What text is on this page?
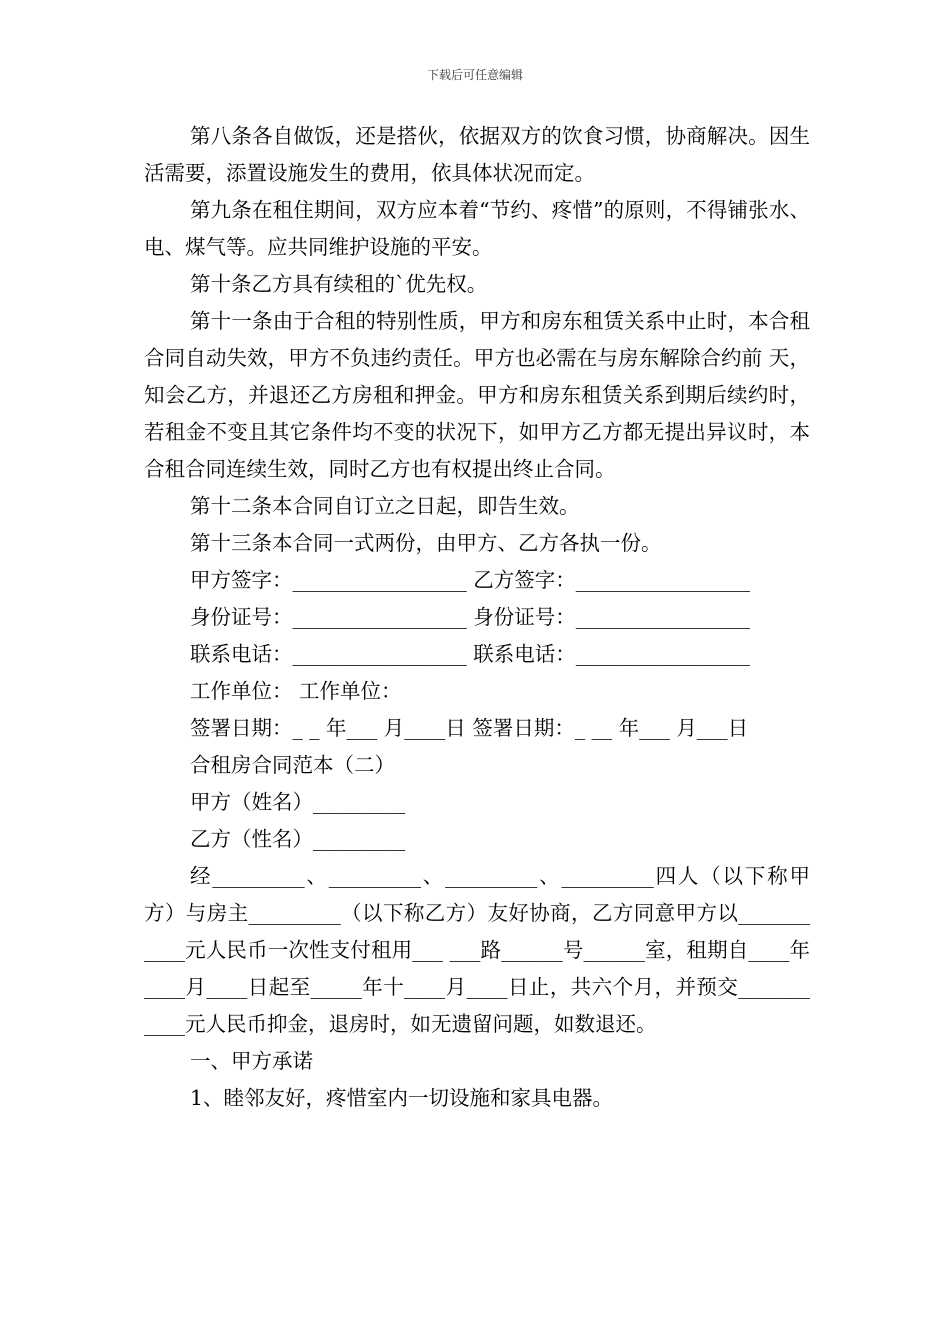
下载后可任意编辑

第八条各自做饭，还是搭伙，依据双方的饮食习惯，协商解决。因生活需要，添置设施发生的费用，依具体状况而定。

第九条在租住期间，双方应本着“节约、疼惜”的原则，不得铺张水、电、煤气等。应共同维护设施的平安。

第十条乙方具有续租的`优先权。

第十一条由于合租的特别性质，甲方和房东租赁关系中止时，本合租合同自动失效，甲方不负违约责任。甲方也必需在与房东解除合约前 天，知会乙方，并退还乙方房租和押金。甲方和房东租赁关系到期后续约时，若租金不变且其它条件均不变的状况下，如甲方乙方都无提出异议时，本合租合同连续生效，同时乙方也有权提出终止合同。

第十二条本合同自订立之日起，即告生效。

第十三条本合同一式两份，由甲方、乙方各执一份。

甲方签字：_________________ 乙方签字：_________________

身份证号：_________________ 身份证号：_________________

联系电话：_________________ 联系电话：_________________

工作单位： 工作单位：

签署日期：_ _ 年___ 月____日 签署日期：_ __ 年___ 月___日

合租房合同范本（二）

甲方（姓名）_________

乙方（性名）_________

经_________、_________、_________、_________四人（以下称甲方）与房主_________（以下称乙方）友好协商，乙方同意甲方以___________元人民币一次性支付租用___ ___路______号______室，租期自____年____月____日起至_____年十____月____日止，共六个月，并预交___________元人民币抑金，退房时，如无遗留问题，如数退还。

一、甲方承诺

1、睦邻友好，疼惜室内一切设施和家具电器。
